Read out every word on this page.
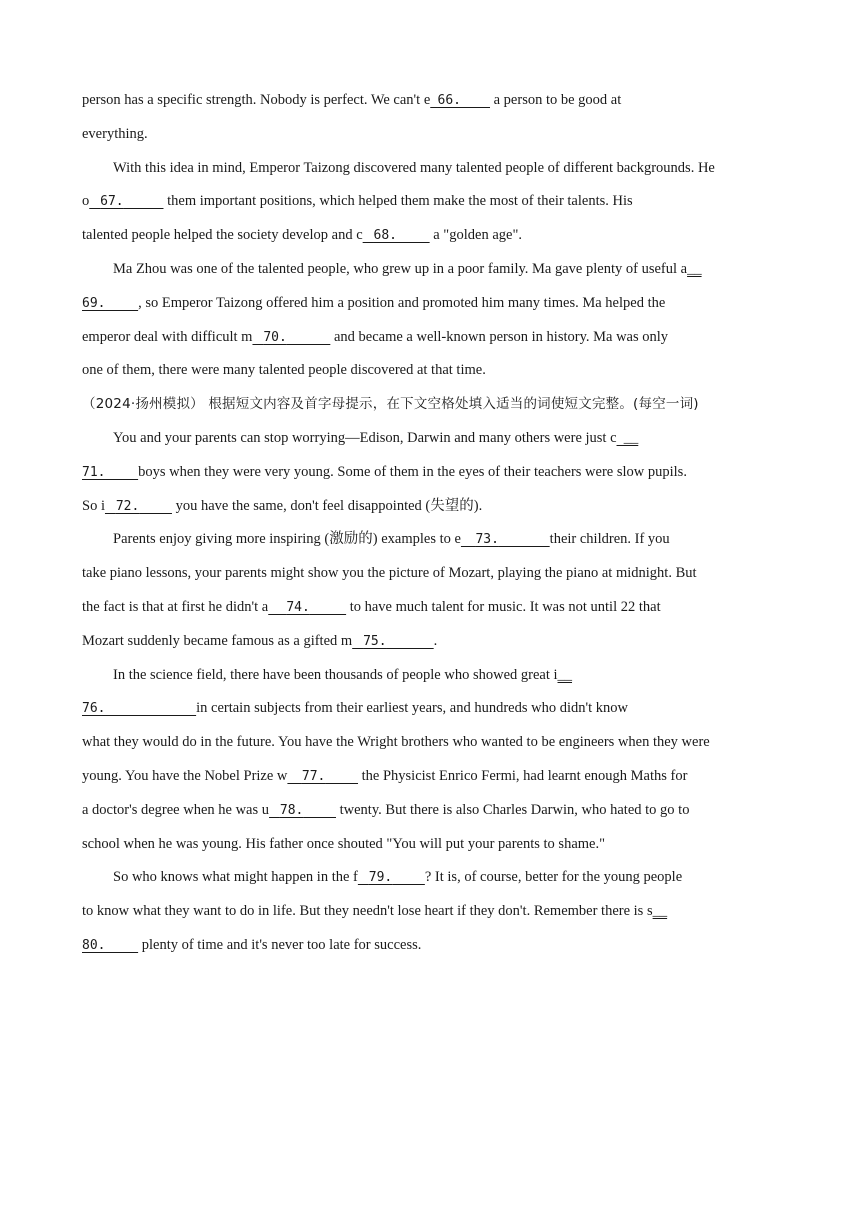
person has a specific strength. Nobody is perfect. We can't e 66.         a person to be good at
everything.

With this idea in mind, Emperor Taizong discovered many talented people of different backgrounds. He
o 67.	them important positions, which helped them make the most of their talents. His
talented people helped the society develop and c 68.          a "golden age".

Ma Zhou was one of the talented people, who grew up in a poor family. Ma gave plenty of useful a__
69. , so Emperor Taizong offered him a position and promoted him many times. Ma helped the
emperor deal with difficult m 70.	and became a well-known person in history. Ma was only
one of them, there were many talented people discovered at that time.

（2024·扬州模拟） 根据短文内容及首字母提示，在下文空格处填入适当的词使短文完整。(每空一词)

You and your parents can stop worrying—Edison, Darwin and many others were just c  __
71. boys when they were very young. Some of them in the eyes of their teachers were slow pupils.
So i 72.          you have the same, don't feel disappointed (失望的).

Parents enjoy giving more inspiring (激励的) examples to e 73.	their children. If you
take piano lessons, your parents might show you the picture of Mozart, playing the piano at midnight. But
the fact is that at first he didn't a 74.	to have much talent for music. It was not until 22 that
Mozart suddenly became famous as a gifted m 75.	.

In the science field, there have been thousands of people who showed great i__
76.	in certain subjects from their earliest years, and hundreds who didn't know
what they would do in the future. You have the Wright brothers who wanted to be engineers when they were
young. You have the Nobel Prize w 77.          the Physicist Enrico Fermi, had learnt enough Maths for
a doctor's degree when he was u 78.          twenty. But there is also Charles Darwin, who hated to go to
school when he was young. His father once shouted "You will put your parents to shame."

So who knows what might happen in the f 79. ? It is, of course, better for the young people
to know what they want to do in life. But they needn't lose heart if they don't. Remember there is s__
80.          plenty of time and it's never too late for success.
